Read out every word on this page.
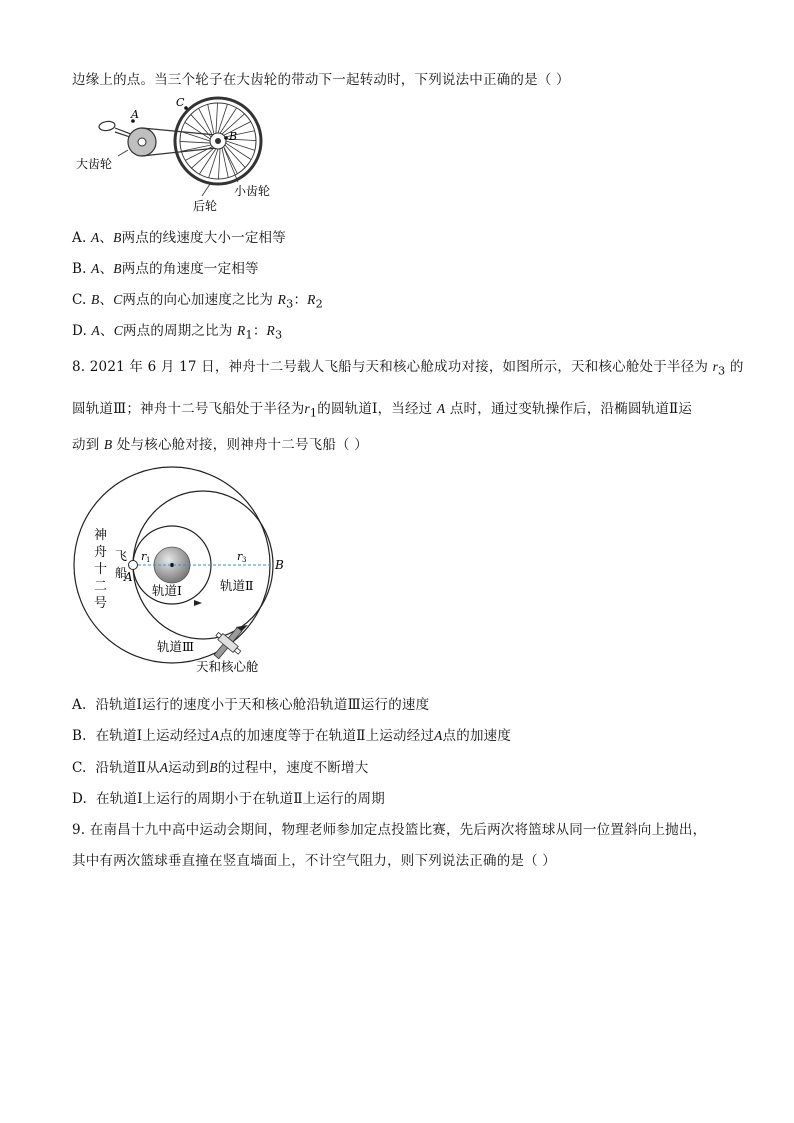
边缘上的点。当三个轮子在大齿轮的带动下一起转动时，下列说法中正确的是（ ）
A
C
B
大齿轮
后轮
小齿轮
A. A、B两点的线速度大小一定相等
B. A、B两点的角速度一定相等
C. B、C两点的向心加速度之比为 $R_3$：$R_2$
D. A、C两点的周期之比为 $R_1$：$R_3$
8. 2021 年 6 月 17 日，神舟十二号载人飞船与天和核心舱成功对接，如图所示，天和核心舱处于半径为 $r_3$ 的
圆轨道Ⅲ；神舟十二号飞船处于半径为$r_1$的圆轨道Ⅰ，当经过 A 点时，通过变轨操作后，沿椭圆轨道Ⅱ运
动到 B 处与核心舱对接，则神舟十二号飞船（ ）
神
舟
十
二
号
飞
船
A
B
r 1	r 3
轨道Ⅰ	轨道Ⅱ
轨道Ⅲ
天和核心舱
A. 沿轨道Ⅰ运行的速度小于天和核心舱沿轨道Ⅲ运行的速度
B. 在轨道Ⅰ上运动经过A点的加速度等于在轨道Ⅱ上运动经过A点的加速度
C. 沿轨道Ⅱ从A运动到B的过程中，速度不断增大
D. 在轨道Ⅰ上运行的周期小于在轨道Ⅱ上运行的周期
9. 在南昌十九中高中运动会期间，物理老师参加定点投篮比赛，先后两次将篮球从同一位置斜向上抛出，
其中有两次篮球垂直撞在竖直墙面上，不计空气阻力，则下列说法正确的是（ ）
